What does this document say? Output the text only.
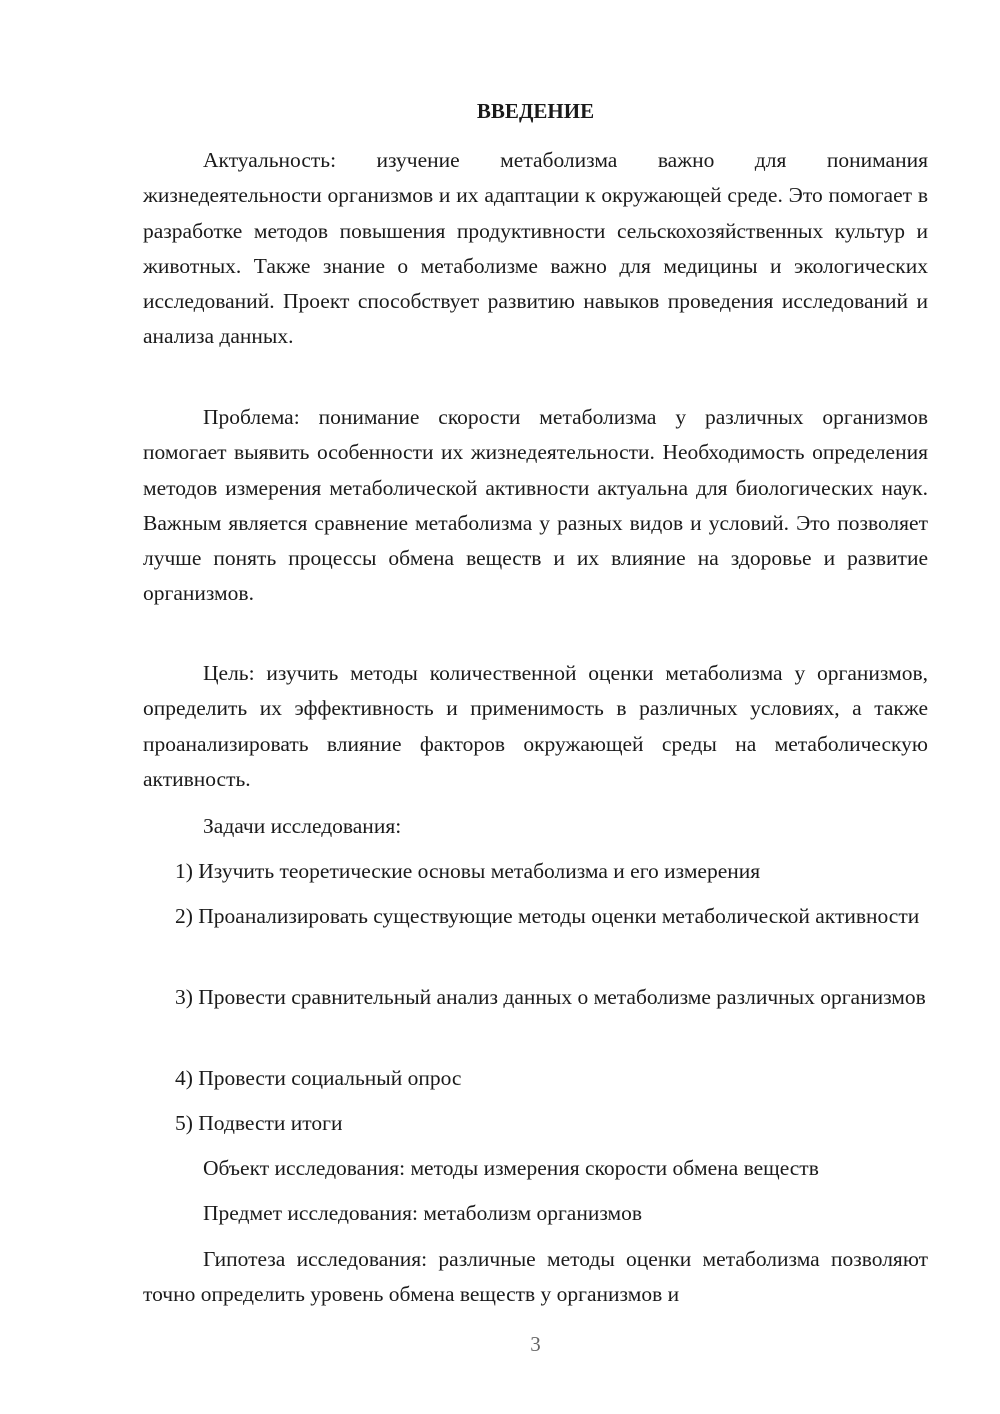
ВВЕДЕНИЕ

Актуальность: изучение метаболизма важно для понимания жизнедеятельности организмов и их адаптации к окружающей среде. Это помогает в разработке методов повышения продуктивности сельскохозяйственных культур и животных. Также знание о метаболизме важно для медицины и экологических исследований. Проект способствует развитию навыков проведения исследований и анализа данных.

Проблема: понимание скорости метаболизма у различных организмов помогает выявить особенности их жизнедеятельности. Необходимость определения методов измерения метаболической активности актуальна для биологических наук. Важным является сравнение метаболизма у разных видов и условий. Это позволяет лучше понять процессы обмена веществ и их влияние на здоровье и развитие организмов.

Цель: изучить методы количественной оценки метаболизма у организмов, определить их эффективность и применимость в различных условиях, а также проанализировать влияние факторов окружающей среды на метаболическую активность.

Задачи исследования:

1) Изучить теоретические основы метаболизма и его измерения

2) Проанализировать существующие методы оценки метаболической активности

3) Провести сравнительный анализ данных о метаболизме различных организмов

4) Провести социальный опрос

5) Подвести итоги

Объект исследования: методы измерения скорости обмена веществ

Предмет исследования: метаболизм организмов

Гипотеза исследования: различные методы оценки метаболизма позволяют точно определить уровень обмена веществ у организмов и

3
